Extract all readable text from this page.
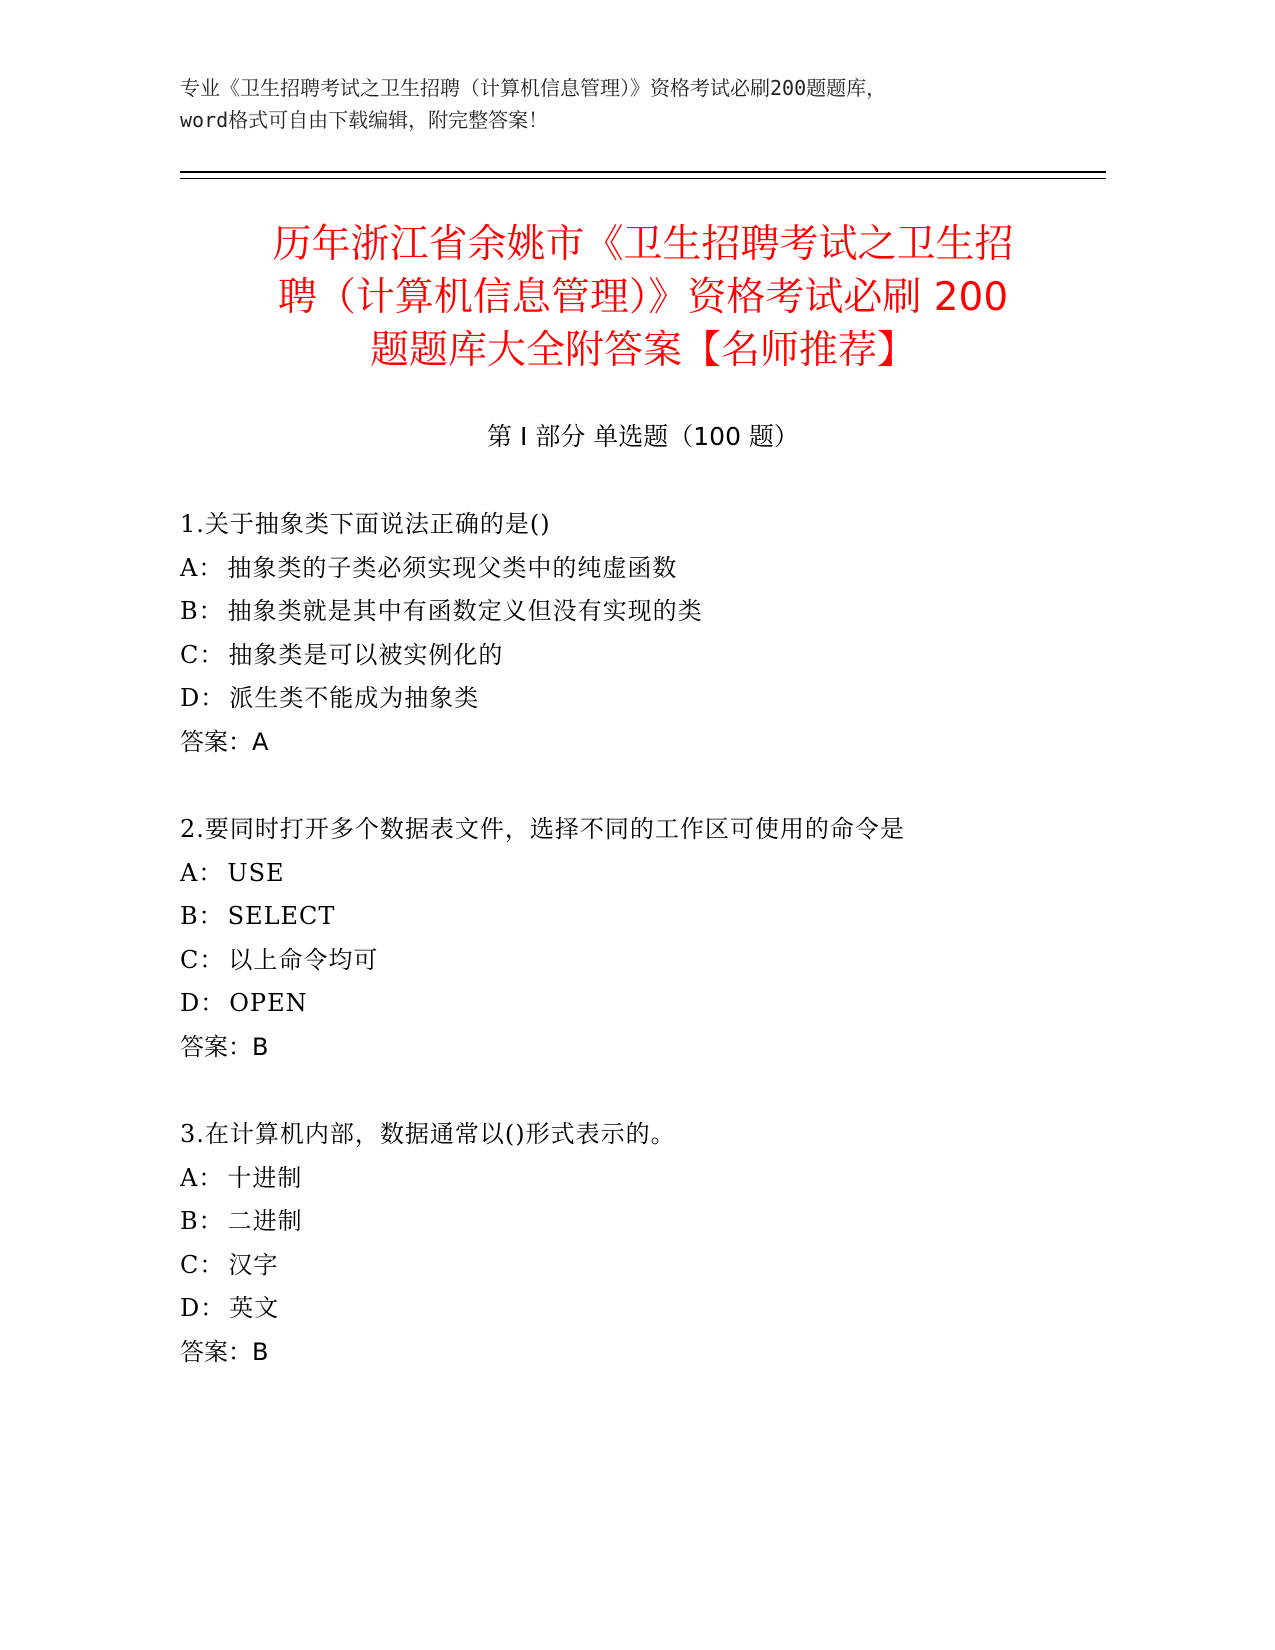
专业《卫生招聘考试之卫生招聘（计算机信息管理）》资格考试必刷200题题库，
word格式可自由下载编辑，附完整答案！
历年浙江省余姚市《卫生招聘考试之卫生招
聘（计算机信息管理）》资格考试必刷 200
题题库大全附答案【名师推荐】
第 I 部分 单选题（100 题）
1.关于抽象类下面说法正确的是()
A： 抽象类的子类必须实现父类中的纯虚函数
B： 抽象类就是其中有函数定义但没有实现的类
C： 抽象类是可以被实例化的
D： 派生类不能成为抽象类
答案：A
2.要同时打开多个数据表文件，选择不同的工作区可使用的命令是
A： USE
B： SELECT
C： 以上命令均可
D： OPEN
答案：B
3.在计算机内部，数据通常以()形式表示的。
A： 十进制
B： 二进制
C： 汉字
D： 英文
答案：B
